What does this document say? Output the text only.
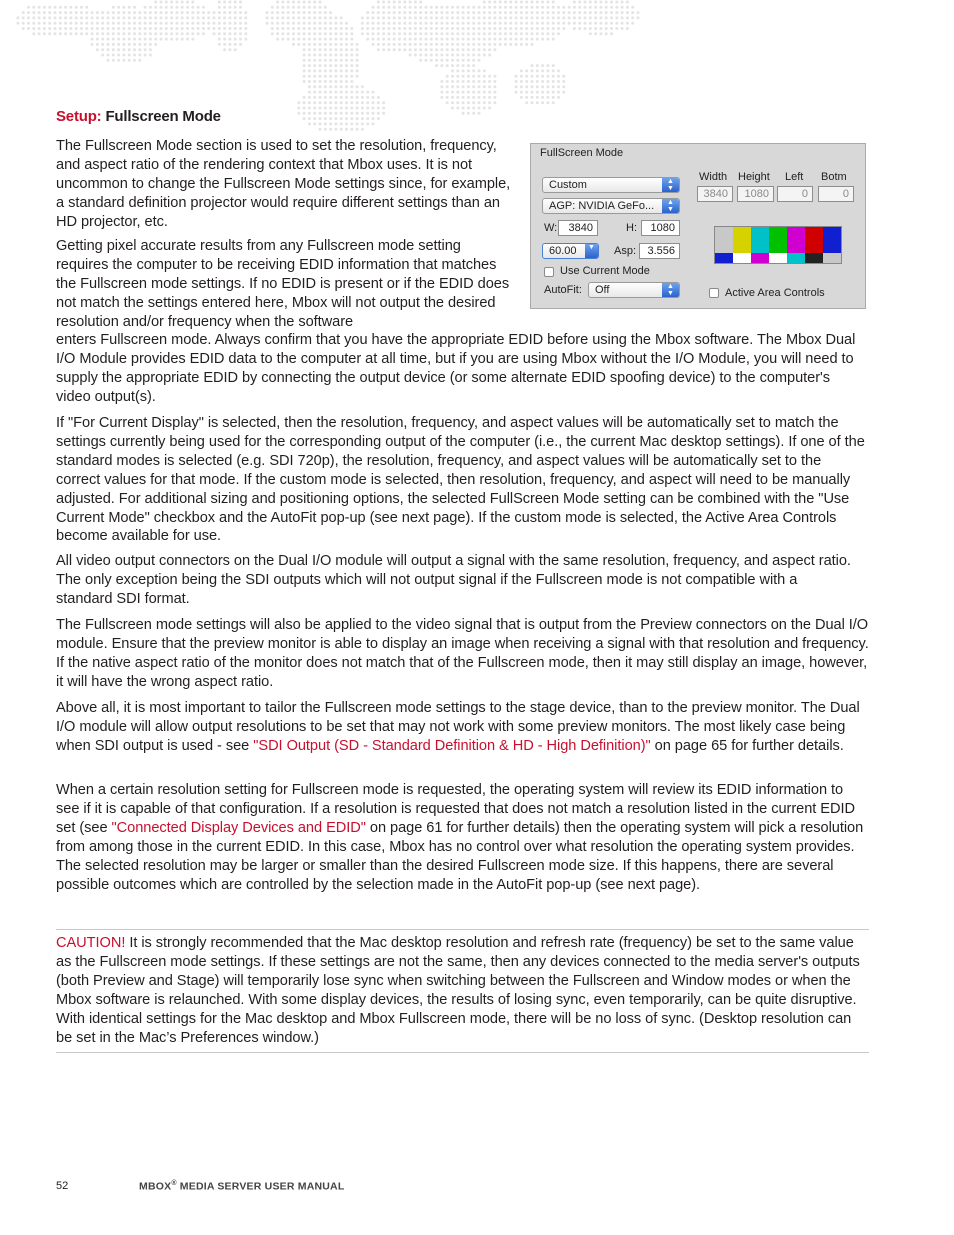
Setup: Fullscreen Mode

The Fullscreen Mode section is used to set the resolution, frequency, and aspect ratio of the rendering context that Mbox uses. It is not uncommon to change the Fullscreen Mode settings since, for example, a standard definition projector would require different settings than an HD projector, etc.

Getting pixel accurate results from any Fullscreen mode setting requires the computer to be receiving EDID information that matches the Fullscreen mode settings. If no EDID is present or if the EDID does not match the settings entered here, Mbox will not output the desired resolution and/or frequency when the software

enters Fullscreen mode. Always confirm that you have the appropriate EDID before using the Mbox software. The Mbox Dual I/O Module provides EDID data to the computer at all time, but if you are using Mbox without the I/O Module, you will need to supply the appropriate EDID by connecting the output device (or some alternate EDID spoofing device) to the computer's video output(s).

If "For Current Display" is selected, then the resolution, frequency, and aspect values will be automatically set to match the settings currently being used for the corresponding output of the computer (i.e., the current Mac desktop settings). If one of the standard modes is selected (e.g. SDI 720p), the resolution, frequency, and aspect values will be automatically set to the correct values for that mode. If the custom mode is selected, then resolution, frequency, and aspect will need to be manually adjusted. For additional sizing and positioning options, the selected FullScreen Mode setting can be combined with the "Use Current Mode" checkbox and the AutoFit pop-up (see next page). If the custom mode is selected, the Active Area Controls become available for use.

All video output connectors on the Dual I/O module will output a signal with the same resolution, frequency, and aspect ratio. The only exception being the SDI outputs which will not output signal if the Fullscreen mode is not compatible with a standard SDI format.

The Fullscreen mode settings will also be applied to the video signal that is output from the Preview connectors on the Dual I/O module. Ensure that the preview monitor is able to display an image when receiving a signal with that resolution and frequency. If the native aspect ratio of the monitor does not match that of the Fullscreen mode, then it may still display an image, however, it will have the wrong aspect ratio.

Above all, it is most important to tailor the Fullscreen mode settings to the stage device, than to the preview monitor. The Dual I/O module will allow output resolutions to be set that may not work with some preview monitors. The most likely case being when SDI output is used - see "SDI Output (SD - Standard Definition & HD - High Definition)" on page 65 for further details.

When a certain resolution setting for Fullscreen mode is requested, the operating system will review its EDID information to see if it is capable of that configuration. If a resolution is requested that does not match a resolution listed in the current EDID set (see "Connected Display Devices and EDID" on page 61 for further details) then the operating system will pick a resolution from among those in the current EDID. In this case, Mbox has no control over what resolution the operating system provides. The selected resolution may be larger or smaller than the desired Fullscreen mode size. If this happens, there are several possible outcomes which are controlled by the selection made in the AutoFit pop-up (see next page).

CAUTION! It is strongly recommended that the Mac desktop resolution and refresh rate (frequency) be set to the same value as the Fullscreen mode settings. If these settings are not the same, then any devices connected to the media server's outputs (both Preview and Stage) will temporarily lose sync when switching between the Fullscreen and Window modes or when the Mbox software is relaunched. With some display devices, the results of losing sync, even temporarily, can be quite disruptive. With identical settings for the Mac desktop and Mbox Fullscreen mode, there will be no loss of sync. (Desktop resolution can be set in the Mac’s Preferences window.)

FullScreen Mode
Custom	▲
▼
AGP: NVIDIA GeFo...	▲
▼
W:	3840	H:	1080
60.00	▼ Asp:	3.556
Use Current Mode
AutoFit:	Off	▲
▼
Width Height Left Botm
3840	1080	0	0
Active Area Controls
52	MBOX® MEDIA SERVER USER MANUAL
